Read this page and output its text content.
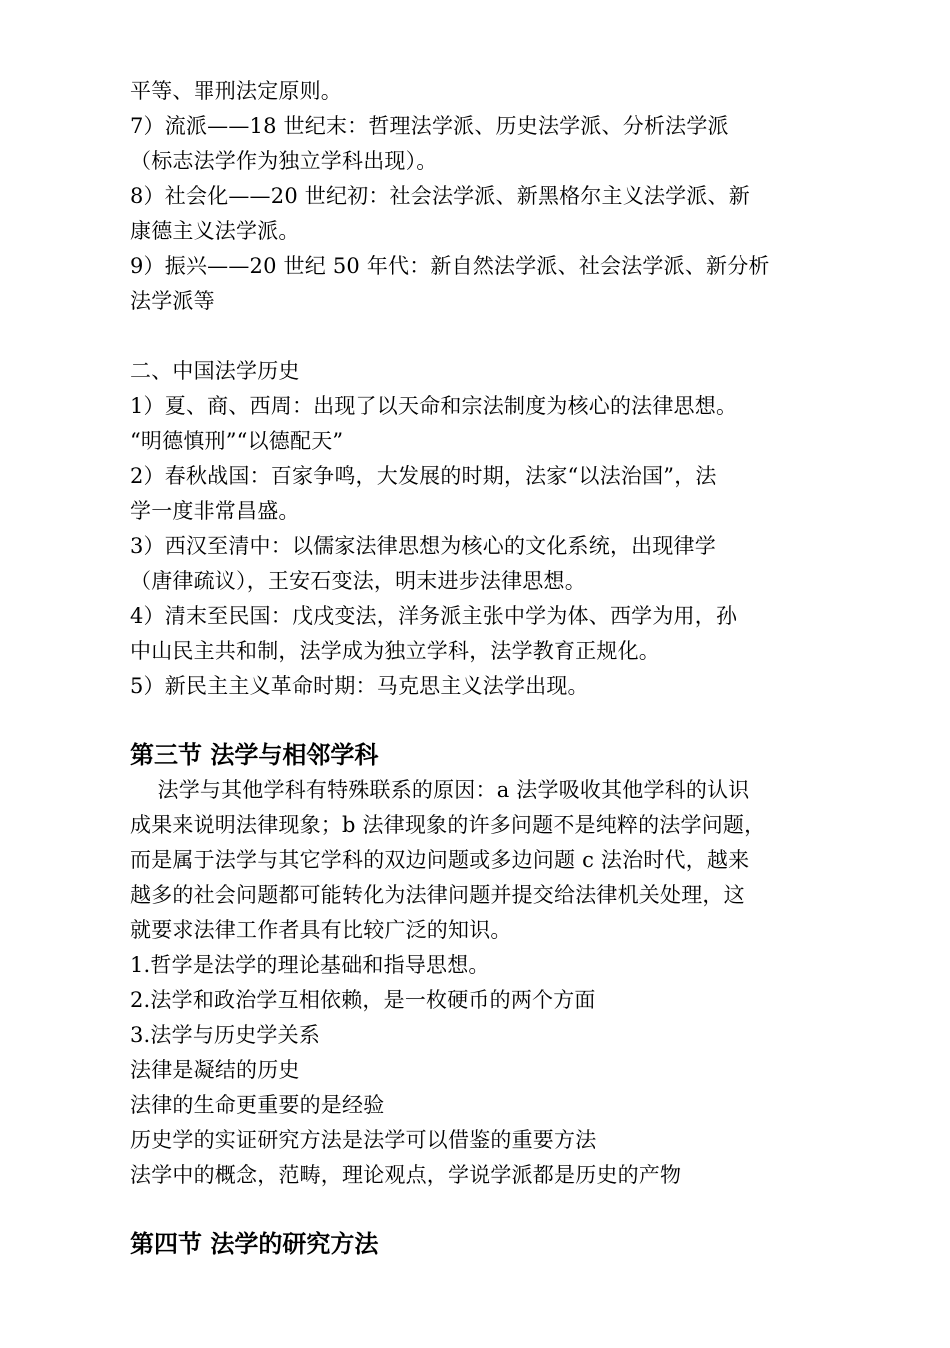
平等、罪刑法定原则。
7）流派——18 世纪末：哲理法学派、历史法学派、分析法学派
（标志法学作为独立学科出现）。
8）社会化——20 世纪初：社会法学派、新黑格尔主义法学派、新
康德主义法学派。
9）振兴——20 世纪 50 年代：新自然法学派、社会法学派、新分析
法学派等
二、中国法学历史
1）夏、商、西周：出现了以天命和宗法制度为核心的法律思想。
“明德慎刑”“以德配天”
2）春秋战国：百家争鸣，大发展的时期，法家“以法治国”，法
学一度非常昌盛。
3）西汉至清中：以儒家法律思想为核心的文化系统，出现律学
（唐律疏议），王安石变法，明末进步法律思想。
4）清末至民国：戊戌变法，洋务派主张中学为体、西学为用，孙
中山民主共和制，法学成为独立学科，法学教育正规化。
5）新民主主义革命时期：马克思主义法学出现。
第三节 法学与相邻学科
法学与其他学科有特殊联系的原因：a 法学吸收其他学科的认识
成果来说明法律现象；b 法律现象的许多问题不是纯粹的法学问题，
而是属于法学与其它学科的双边问题或多边问题 c 法治时代，越来
越多的社会问题都可能转化为法律问题并提交给法律机关处理，这
就要求法律工作者具有比较广泛的知识。
1.哲学是法学的理论基础和指导思想。
2.法学和政治学互相依赖，是一枚硬币的两个方面
3.法学与历史学关系
法律是凝结的历史
法律的生命更重要的是经验
历史学的实证研究方法是法学可以借鉴的重要方法
法学中的概念，范畴，理论观点，学说学派都是历史的产物
第四节 法学的研究方法
